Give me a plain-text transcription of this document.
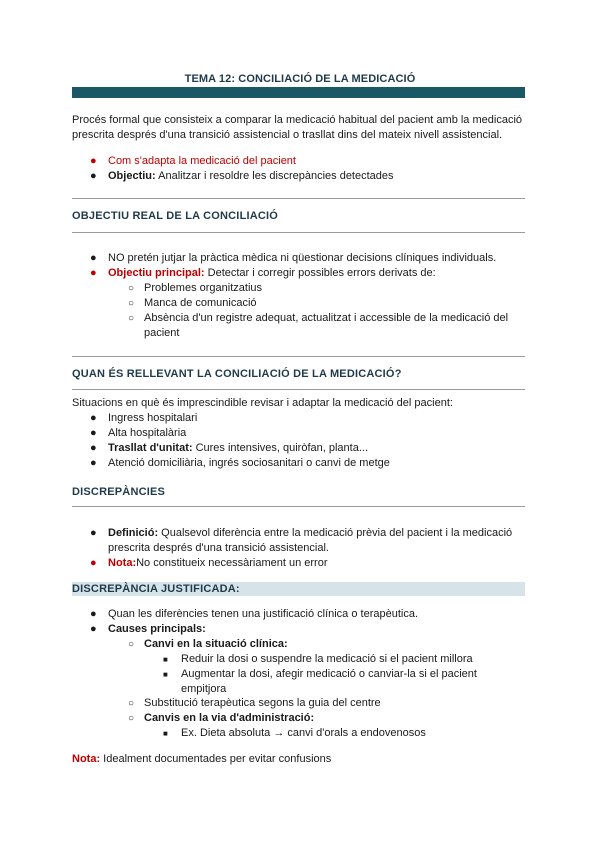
TEMA 12: CONCILIACIÓ DE LA MEDICACIÓ
Procés formal que consisteix a comparar la medicació habitual del pacient amb la medicació prescrita després d'una transició assistencial o trasllat dins del mateix nivell assistencial.
●	Com s'adapta la medicació del pacient
●	Objectiu: Analitzar i resoldre les discrepàncies detectades
OBJECTIU REAL DE LA CONCILIACIÓ
●	NO pretén jutjar la pràctica mèdica ni qüestionar decisions clíniques individuals.
●	Objectiu principal: Detectar i corregir possibles errors derivats de:
○ Problemes organitzatius
○ Manca de comunicació
○ Absència d'un registre adequat, actualitzat i accessible de la medicació del pacient
QUAN ÉS RELLEVANT LA CONCILIACIÓ DE LA MEDICACIÓ?
Situacions en què és imprescindible revisar i adaptar la medicació del pacient:
●	Ingress hospitalari
●	Alta hospitalària
●	Trasllat d'unitat: Cures intensives, quiròfan, planta...
●	Atenció domiciliària, ingrés sociosanitari o canvi de metge
DISCREPÀNCIES
●	Definició: Qualsevol diferència entre la medicació prèvia del pacient i la medicació prescrita després d'una transició assistencial.
●	Nota:No constitueix necessàriament un error
DISCREPÀNCIA JUSTIFICADA:
●	Quan les diferències tenen una justificació clínica o terapèutica.
●	Causes principals:
○ Canvi en la situació clínica:
■ Reduir la dosi o suspendre la medicació si el pacient millora
■ Augmentar la dosi, afegir medicació o canviar-la si el pacient empitjora
○ Substitució terapèutica segons la guia del centre
○ Canvis en la via d'administració:
■ Ex. Dieta absoluta → canvi d'orals a endovenosos
Nota: Idealment documentades per evitar confusions
